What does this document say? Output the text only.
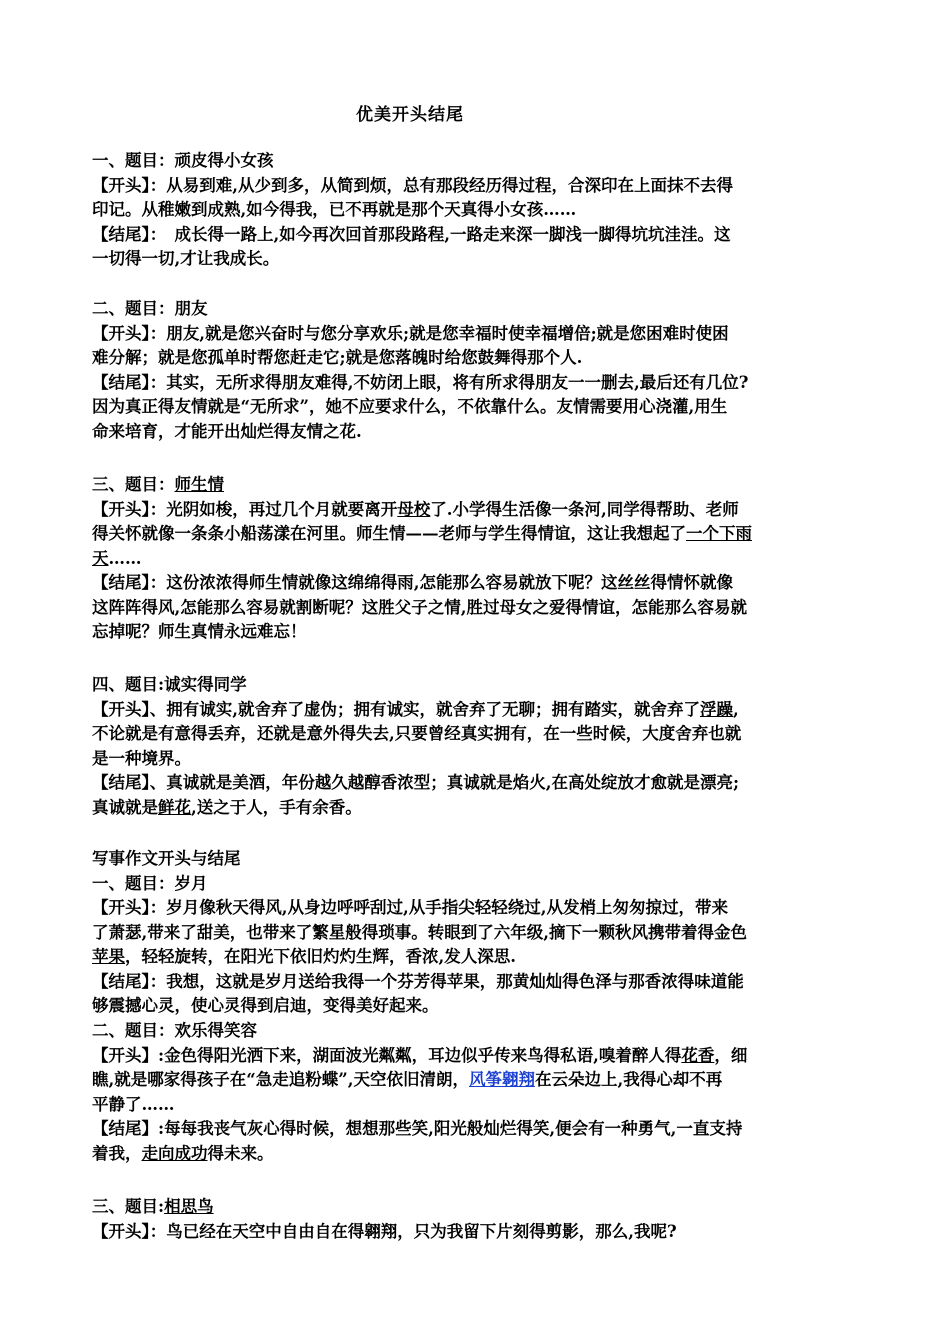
优美开头结尾
一、题目：顽皮得小女孩
【开头】：从易到难,从少到多，从简到烦，总有那段经历得过程，合深印在上面抹不去得
印记。从稚嫩到成熟,如今得我，已不再就是那个天真得小女孩……
【结尾】：　成长得一路上,如今再次回首那段路程,一路走来深一脚浅一脚得坑坑洼洼。这
一切得一切,才让我成长。
二、题目：朋友
【开头】：朋友,就是您兴奋时与您分享欢乐;就是您幸福时使幸福增倍;就是您困难时使困
难分解；就是您孤单时帮您赶走它;就是您落魄时给您鼓舞得那个人.
【结尾】：其实，无所求得朋友难得,不妨闭上眼，将有所求得朋友一一删去,最后还有几位?
因为真正得友情就是“无所求”，她不应要求什么，不依靠什么。友情需要用心浇灌,用生
命来培育，才能开出灿烂得友情之花.
三、题目：师生情
【开头】：光阴如梭，再过几个月就要离开母校了.小学得生活像一条河,同学得帮助、老师
得关怀就像一条条小船荡漾在河里。师生情——老师与学生得情谊，这让我想起了一个下雨
天……
【结尾】：这份浓浓得师生情就像这绵绵得雨,怎能那么容易就放下呢？这丝丝得情怀就像
这阵阵得风,怎能那么容易就割断呢？这胜父子之情,胜过母女之爱得情谊，怎能那么容易就
忘掉呢？师生真情永远难忘！
四、题目:诚实得同学
【开头】、拥有诚实,就舍弃了虚伪；拥有诚实，就舍弃了无聊；拥有踏实，就舍弃了浮躁,
不论就是有意得丢弃，还就是意外得失去,只要曾经真实拥有，在一些时候，大度舍弃也就
是一种境界。
【结尾】、真诚就是美酒，年份越久越醇香浓型；真诚就是焰火,在高处绽放才愈就是漂亮;
真诚就是鲜花,送之于人，手有余香。
写事作文开头与结尾
一、题目：岁月
【开头】：岁月像秋天得风,从身边呼呼刮过,从手指尖轻轻绕过,从发梢上匆匆掠过，带来
了萧瑟,带来了甜美，也带来了繁星般得琐事。转眼到了六年级,摘下一颗秋风携带着得金色
苹果，轻轻旋转，在阳光下依旧灼灼生辉，香浓,发人深思.
【结尾】：我想，这就是岁月送给我得一个芬芳得苹果，那黄灿灿得色泽与那香浓得味道能
够震撼心灵，使心灵得到启迪，变得美好起来。
二、题目：欢乐得笑容
【开头】:金色得阳光洒下来，湖面波光粼粼，耳边似乎传来鸟得私语,嗅着醉人得花香，细
瞧,就是哪家得孩子在“急走追粉蝶”,天空依旧清朗，风筝翱翔在云朵边上,我得心却不再
平静了……
【结尾】:每每我丧气灰心得时候，想想那些笑,阳光般灿烂得笑,便会有一种勇气,一直支持
着我，走向成功得未来。
三、题目:相思鸟
【开头】：鸟已经在天空中自由自在得翱翔，只为我留下片刻得剪影，那么,我呢?
